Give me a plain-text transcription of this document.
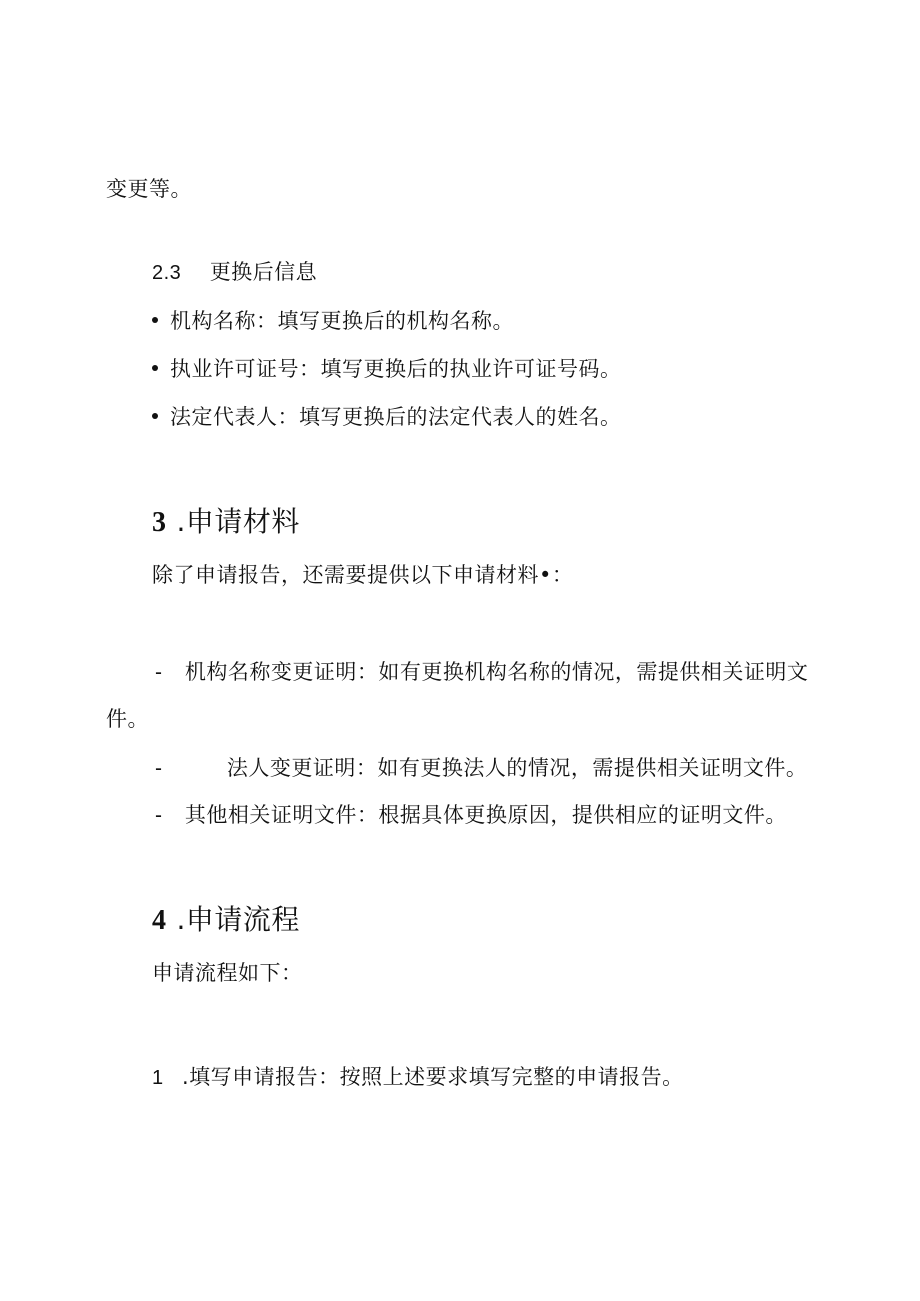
变更等。
2.3 更换后信息
机构名称：填写更换后的机构名称。
执业许可证号：填写更换后的执业许可证号码。
法定代表人：填写更换后的法定代表人的姓名。
3 .申请材料
除了申请报告，还需要提供以下申请材料•：
- 机构名称变更证明：如有更换机构名称的情况，需提供相关证明文
件。
-	法人变更证明：如有更换法人的情况，需提供相关证明文件。
- 其他相关证明文件：根据具体更换原因，提供相应的证明文件。
4 .申请流程
申请流程如下：
1 .填写申请报告：按照上述要求填写完整的申请报告。
